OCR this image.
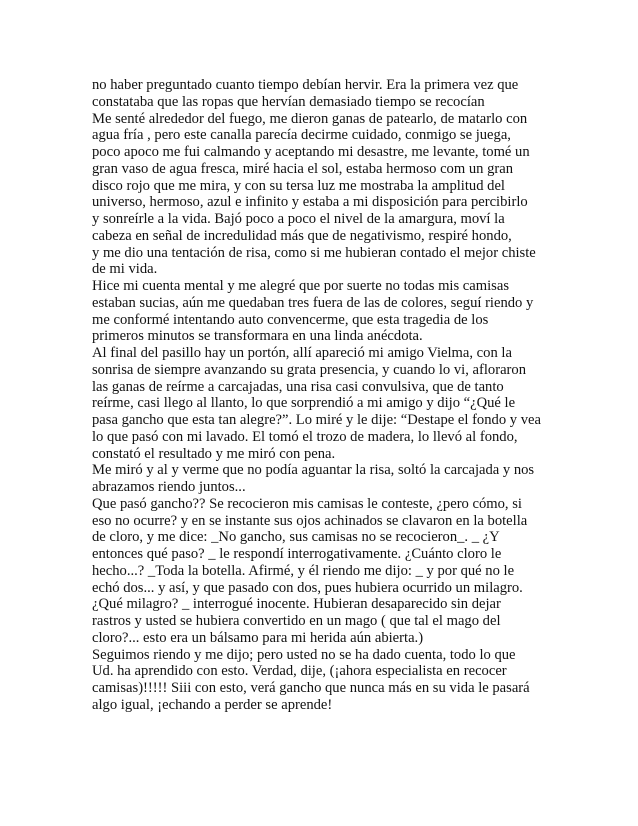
no haber preguntado cuanto tiempo debían hervir. Era la primera vez que
constataba que las ropas que hervían demasiado tiempo se recocían
Me senté alrededor del fuego, me dieron ganas de patearlo, de matarlo con
agua fría , pero este canalla parecía decirme cuidado, conmigo se juega,
poco apoco me fui calmando y aceptando mi desastre, me levante, tomé un
gran vaso de agua fresca, miré hacia el sol, estaba hermoso com un gran
disco rojo que me mira, y con su tersa luz me mostraba la amplitud del
universo, hermoso, azul e infinito y estaba a mi disposición para percibirlo
y sonreírle a la vida. Bajó poco a poco el nivel de la amargura, moví la
cabeza en señal de incredulidad más que de negativismo, respiré hondo,
y me dio una tentación de risa, como si me hubieran contado el mejor chiste
de mi vida.
Hice mi cuenta mental y me alegré que por suerte no todas mis camisas
estaban sucias, aún me quedaban tres fuera de las de colores, seguí riendo y
me conformé intentando auto convencerme, que esta tragedia de los
primeros minutos se transformara en una linda anécdota.
Al final del pasillo hay un portón, allí apareció mi amigo Vielma, con la
sonrisa de siempre avanzando su grata presencia, y cuando lo vi, afloraron
las ganas de reírme a carcajadas, una risa casi convulsiva, que de tanto
reírme, casi llego al llanto, lo que sorprendió a mi amigo y dijo “¿Qué le
pasa gancho que esta tan alegre?”. Lo miré y le dije: “Destape el fondo y vea
lo que pasó con mi lavado. El tomó el trozo de madera, lo llevó al fondo,
constató el resultado y me miró con pena.
Me miró y al y verme que no podía aguantar la risa, soltó la carcajada y nos
abrazamos riendo juntos...
Que pasó gancho?? Se recocieron mis camisas le conteste, ¿pero cómo, si
eso no ocurre? y en se instante sus ojos achinados se clavaron en la botella
de cloro, y me dice: _No gancho, sus camisas no se recocieron_. _ ¿Y
entonces qué paso? _ le respondí interrogativamente. ¿Cuánto cloro le
hecho...? _Toda la botella. Afirmé, y él riendo me dijo: _ y por qué no le
echó dos... y así, y que pasado con dos, pues hubiera ocurrido un milagro.
¿Qué milagro? _ interrogué inocente. Hubieran desaparecido sin dejar
rastros y usted se hubiera convertido en un mago ( que tal el mago del
cloro?... esto era un bálsamo para mi herida aún abierta.)
Seguimos riendo y me dijo; pero usted no se ha dado cuenta, todo lo que
Ud. ha aprendido con esto. Verdad, dije, (¡ahora especialista en recocer
camisas)!!!!! Siii con esto, verá gancho que nunca más en su vida le pasará
algo igual, ¡echando a perder se aprende!
